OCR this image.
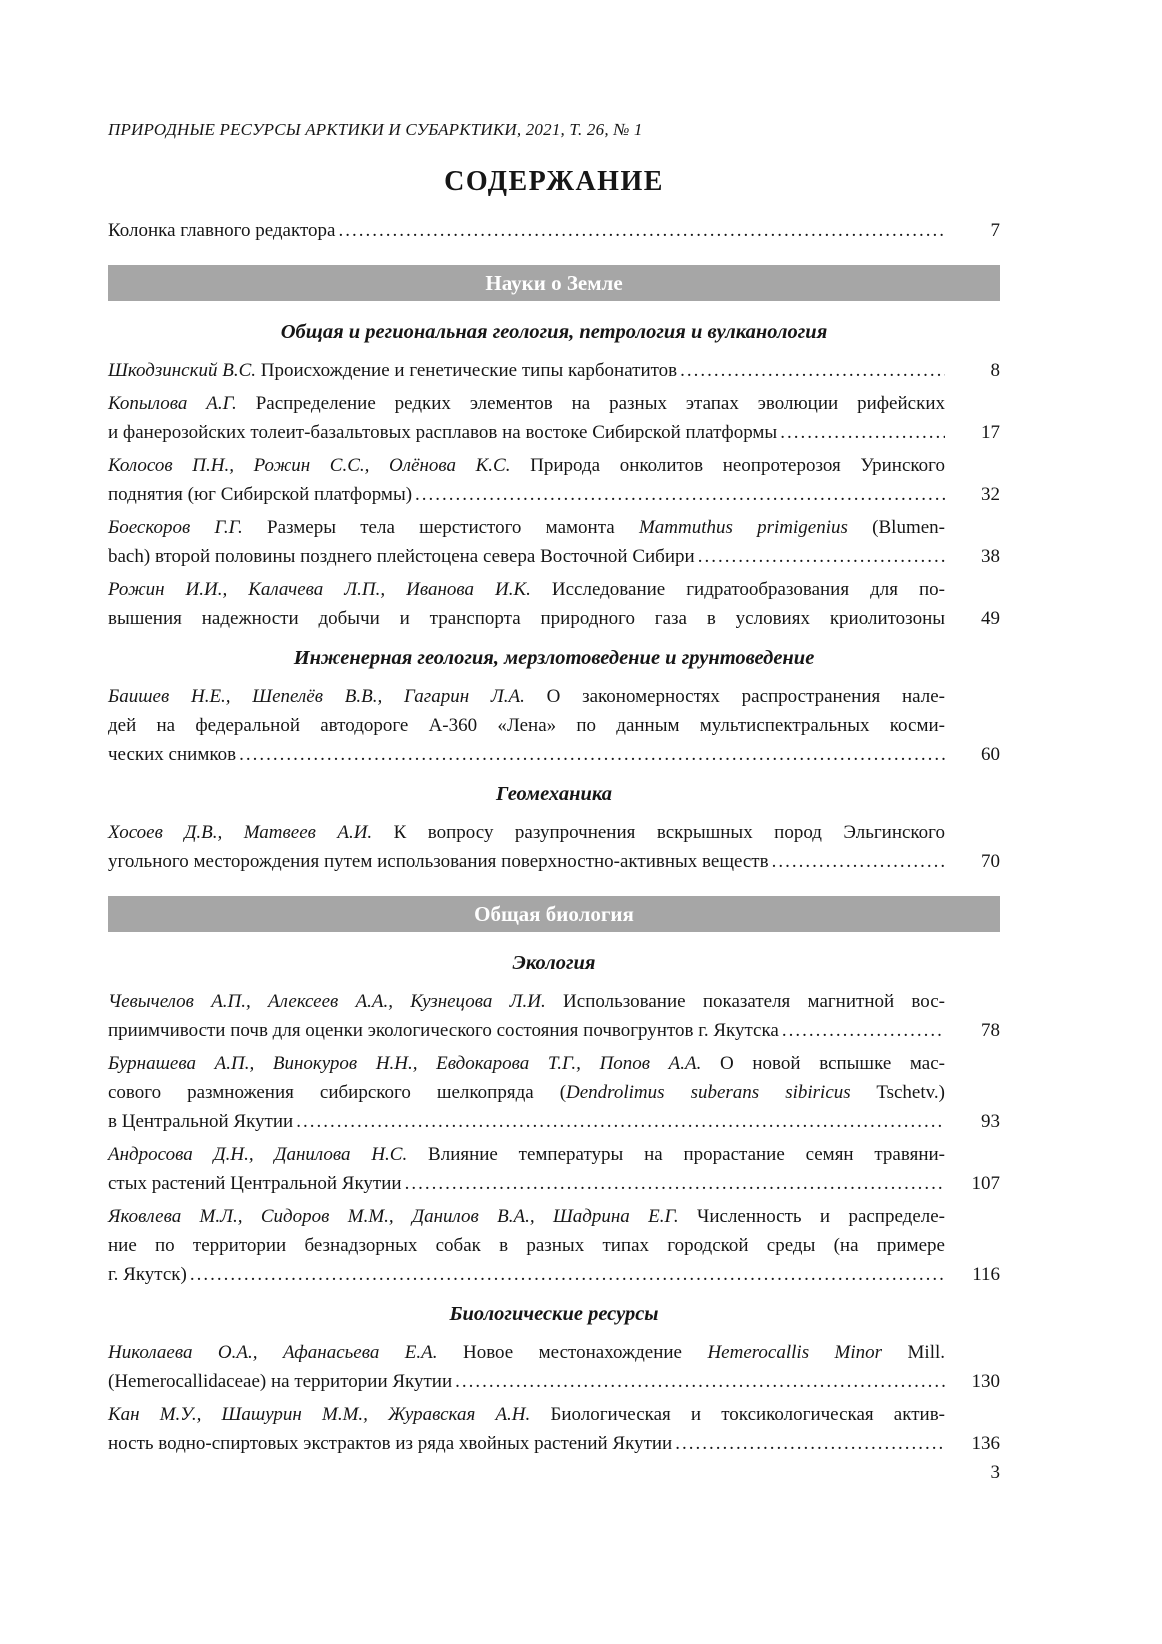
ПРИРОДНЫЕ РЕСУРСЫ АРКТИКИ И СУБАРКТИКИ, 2021, Т. 26, № 1
СОДЕРЖАНИЕ
Колонка главного редактора .....	7
Науки о Земле
Общая и региональная геология, петрология и вулканология
Шкодзинский В.С. Происхождение и генетические типы карбонатитов .....	8
Копылова А.Г. Распределение редких элементов на разных этапах эволюции рифейских
и фанерозойских толеит-базальтовых расплавов на востоке Сибирской платформы .....	17
Колосов П.Н., Рожин С.С., Олёнова К.С. Природа онколитов неопротерозоя Уринского
поднятия (юг Сибирской платформы) .....	32
Боескоров Г.Г. Размеры тела шерстистого мамонта Mammuthus primigenius (Blumen-
bach) второй половины позднего плейстоцена севера Восточной Сибири .....	38
Рожин И.И., Калачева Л.П., Иванова И.К. Исследование гидратообразования для по-
вышения надежности добычи и транспорта природного газа в условиях криолитозоны	49
Инженерная геология, мерзлотоведение и грунтоведение
Баишев Н.Е., Шепелёв В.В., Гагарин Л.А. О закономерностях распространения нале-
дей на федеральной автодороге А-360 «Лена» по данным мультиспектральных косми-
ческих снимков .....	60
Геомеханика
Хосоев Д.В., Матвеев А.И. К вопросу разупрочнения вскрышных пород Эльгинского
угольного месторождения путем использования поверхностно-активных веществ .....	70
Общая биология
Экология
Чевычелов А.П., Алексеев А.А., Кузнецова Л.И. Использование показателя магнитной вос-
приимчивости почв для оценки экологического состояния почвогрунтов г. Якутска .....	78
Бурнашева А.П., Винокуров Н.Н., Евдокарова Т.Г., Попов А.А. О новой вспышке мас-
сового размножения сибирского шелкопряда (Dendrolimus suberans sibiricus Tschetv.)
в Центральной Якутии .....	93
Андросова Д.Н., Данилова Н.С. Влияние температуры на прорастание семян травяни-
стых растений Центральной Якутии .....	107
Яковлева М.Л., Сидоров М.М., Данилов В.А., Шадрина Е.Г. Численность и распределе-
ние по территории безнадзорных собак в разных типах городской среды (на примере
г. Якутск) .....	116
Биологические ресурсы
Николаева О.А., Афанасьева Е.А. Новое местонахождение Hemerocallis Minor Mill.
(Hemerocallidaceae) на территории Якутии .....	130
Кан М.У., Шашурин М.М., Журавская А.Н. Биологическая и токсикологическая актив-
ность водно-спиртовых экстрактов из ряда хвойных растений Якутии .....	136
3
